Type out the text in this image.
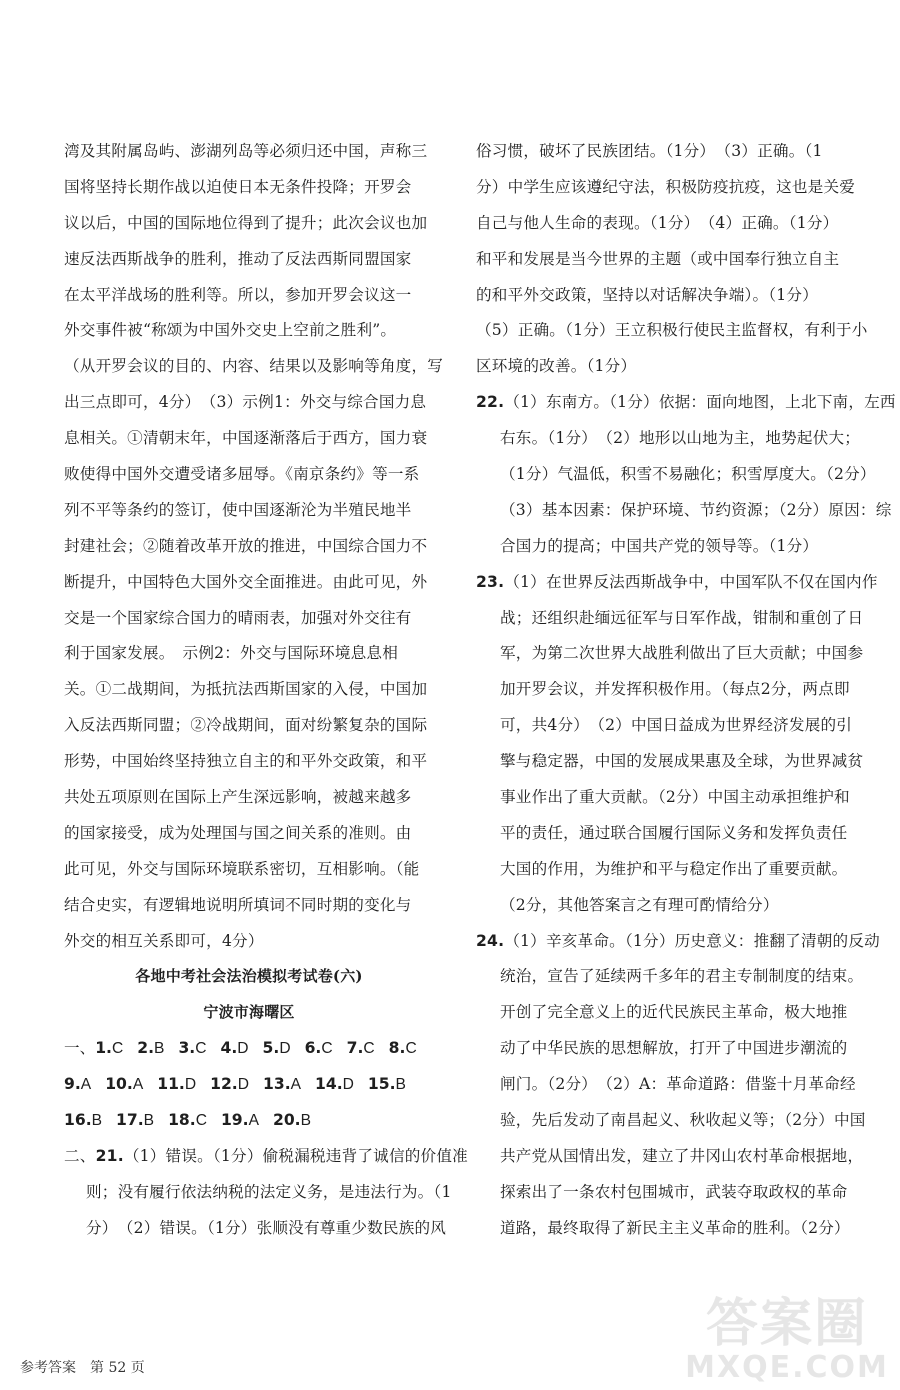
湾及其附属岛屿、澎湖列岛等必须归还中国，声称三
国将坚持长期作战以迫使日本无条件投降；开罗会
议以后，中国的国际地位得到了提升；此次会议也加
速反法西斯战争的胜利，推动了反法西斯同盟国家
在太平洋战场的胜利等。所以，参加开罗会议这一
外交事件被“称颂为中国外交史上空前之胜利”。
（从开罗会议的目的、内容、结果以及影响等角度，写
出三点即可，4分）　（3）示例1：外交与综合国力息
息相关。①清朝末年，中国逐渐落后于西方，国力衰
败使得中国外交遭受诸多屈辱。《南京条约》等一系
列不平等条约的签订，使中国逐渐沦为半殖民地半
封建社会；②随着改革开放的推进，中国综合国力不
断提升，中国特色大国外交全面推进。由此可见，外
交是一个国家综合国力的晴雨表，加强对外交往有
利于国家发展。　示例2：外交与国际环境息息相
关。①二战期间，为抵抗法西斯国家的入侵，中国加
入反法西斯同盟；②冷战期间，面对纷繁复杂的国际
形势，中国始终坚持独立自主的和平外交政策，和平
共处五项原则在国际上产生深远影响，被越来越多
的国家接受，成为处理国与国之间关系的准则。由
此可见，外交与国际环境联系密切，互相影响。（能
结合史实，有逻辑地说明所填词不同时期的变化与
外交的相互关系即可，4分）
各地中考社会法治模拟考试卷(六)
宁波市海曙区
一、1.C 2.B 3.C 4.D 5.D 6.C 7.C 8.C
9.A 10.A 11.D 12.D 13.A 14.D 15.B
16.B 17.B 18.C 19.A 20.B
二、21.（1）错误。（1分）偷税漏税违背了诚信的价值准
则；没有履行依法纳税的法定义务，是违法行为。（1
分）　（2）错误。（1分）张顺没有尊重少数民族的风
俗习惯，破坏了民族团结。（1分）　（3）正确。（1
分）中学生应该遵纪守法，积极防疫抗疫，这也是关爱
自己与他人生命的表现。（1分）　（4）正确。（1分）
和平和发展是当今世界的主题（或中国奉行独立自主
的和平外交政策，坚持以对话解决争端）。（1分）
（5）正确。（1分）王立积极行使民主监督权，有利于小
区环境的改善。（1分）
22.（1）东南方。（1分）依据：面向地图，上北下南，左西
右东。（1分）　（2）地形以山地为主，地势起伏大；
（1分）气温低，积雪不易融化；积雪厚度大。（2分）
（3）基本因素：保护环境、节约资源；（2分）原因：综
合国力的提高；中国共产党的领导等。（1分）
23.（1）在世界反法西斯战争中，中国军队不仅在国内作
战；还组织赴缅远征军与日军作战，钳制和重创了日
军，为第二次世界大战胜利做出了巨大贡献；中国参
加开罗会议，并发挥积极作用。（每点2分，两点即
可，共4分）　（2）中国日益成为世界经济发展的引
擎与稳定器，中国的发展成果惠及全球，为世界减贫
事业作出了重大贡献。（2分）中国主动承担维护和
平的责任，通过联合国履行国际义务和发挥负责任
大国的作用，为维护和平与稳定作出了重要贡献。
（2分，其他答案言之有理可酌情给分）
24.（1）辛亥革命。（1分）历史意义：推翻了清朝的反动
统治，宣告了延续两千多年的君主专制制度的结束。
开创了完全意义上的近代民族民主革命，极大地推
动了中华民族的思想解放，打开了中国进步潮流的
闸门。（2分）　（2）A：革命道路：借鉴十月革命经
验，先后发动了南昌起义、秋收起义等；（2分）中国
共产党从国情出发，建立了井冈山农村革命根据地，
探索出了一条农村包围城市，武装夺取政权的革命
道路，最终取得了新民主主义革命的胜利。（2分）
参考答案　第 52 页
答案圈
MXQE.COM
